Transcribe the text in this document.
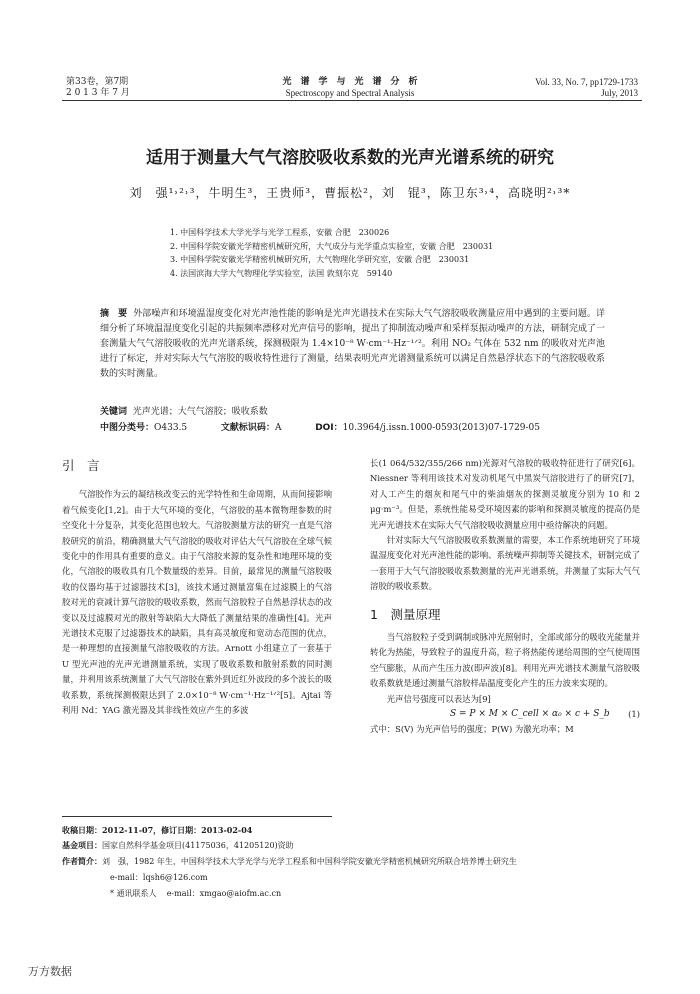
第33卷，第7期
2 0 1 3 年 7 月
光　谱　学　与　光　谱　分　析
Spectroscopy and Spectral Analysis
Vol. 33, No. 7, pp1729-1733
July, 2013
适用于测量大气气溶胶吸收系数的光声光谱系统的研究
刘　强¹˒²˒³，牛明生³，王贵师³，曹振松²，刘　锟³，陈卫东³˒⁴，高晓明²˒³*
1. 中国科学技术大学光学与光学工程系，安徽 合肥　230026
2. 中国科学院安徽光学精密机械研究所，大气成分与光学重点实验室，安徽 合肥　230031
3. 中国科学院安徽光学精密机械研究所，大气物理化学研究室，安徽 合肥　230031
4. 法国滨海大学大气物理化学实验室，法国 敦刻尔克　59140
摘　要 外部噪声和环境温湿度变化对光声池性能的影响是光声光谱技术在实际大气气溶胶吸收测量应用中遇到的主要问题。详细分析了环境温湿度变化引起的共振频率漂移对光声信号的影响，提出了抑制流动噪声和采样泵振动噪声的方法，研制完成了一套测量大气气溶胶吸收的光声光谱系统，探测极限为 1.4×10⁻⁸ W·cm⁻¹·Hz⁻¹ᐟ²。利用 NO₂ 气体在 532 nm 的吸收对光声池进行了标定，并对实际大气气溶胶的吸收特性进行了测量，结果表明光声光谱测量系统可以满足自然悬浮状态下的气溶胶吸收系数的实时测量。
关键词 光声光谱；大气气溶胶；吸收系数
中图分类号：O433.5	文献标识码：A	DOI：10.3964/j.issn.1000-0593(2013)07-1729-05
引　言

气溶胶作为云的凝结核改变云的光学特性和生命周期，从而间接影响着气候变化[1,2]。由于大气环境的变化，气溶胶的基本微物理参数的时空变化十分复杂，其变化范围也较大。气溶胶测量方法的研究一直是气溶胶研究的前沿，精确测量大气气溶胶的吸收对评估大气气溶胶在全球气候变化中的作用具有重要的意义。由于气溶胶来源的复杂性和地理环境的变化，气溶胶的吸收具有几个数量级的差异。目前，最常见的测量气溶胶吸收的仪器均基于过滤器技术[3]，该技术通过测量富集在过滤膜上的气溶胶对光的衰减计算气溶胶的吸收系数，然而气溶胶粒子自然悬浮状态的改变以及过滤膜对光的散射等缺陷大大降低了测量结果的准确性[4]。光声光谱技术克服了过滤器技术的缺陷，具有高灵敏度和宽动态范围的优点，是一种理想的直接测量气溶胶吸收的方法。Arnott 小组建立了一套基于 U 型光声池的光声光谱测量系统，实现了吸收系数和散射系数的同时测量，并利用该系统测量了大气气溶胶在紫外到近红外波段的多个波长的吸收系数，系统探测极限达到了 2.0×10⁻⁸ W·cm⁻¹·Hz⁻¹ᐟ²[5]。Ajtai 等利用 Nd：YAG 激光器及其非线性效应产生的多波

长(1 064/532/355/266 nm)光源对气溶胶的吸收特征进行了研究[6]。Niessner 等利用该技术对发动机尾气中黑炭气溶胶进行了的研究[7]，对人工产生的烟灰和尾气中的柴油烟灰的探测灵敏度分别为 10 和 2 μg·m⁻³。但是，系统性能易受环境因素的影响和探测灵敏度的提高仍是光声光谱技术在实际大气气溶胶吸收测量应用中亟待解决的问题。

针对实际大气气溶胶吸收系数测量的需要，本工作系统地研究了环境温湿度变化对光声池性能的影响、系统噪声抑制等关键技术，研制完成了一套用于大气气溶胶吸收系数测量的光声光谱系统，并测量了实际大气气溶胶的吸收系数。

1　测量原理

当气溶胶粒子受到调制或脉冲光照射时，全部或部分的吸收光能量并转化为热能，导致粒子的温度升高，粒子将热能传递给周围的空气使周围空气膨胀，从而产生压力波(即声波)[8]。利用光声光谱技术测量气溶胶吸收系数就是通过测量气溶胶样品温度变化产生的压力波来实现的。

光声信号强度可以表达为[9]

S = P × M × C_cell × α₀ × c + S_b (1)

式中：S(V) 为光声信号的强度；P(W) 为激光功率；M

收稿日期：2012-11-07，修订日期：2013-02-04
基金项目：国家自然科学基金项目(41175036，41205120)资助
作者简介：刘　强，1982 年生，中国科学技术大学光学与光学工程系和中国科学院安徽光学精密机械研究所联合培养博士研究生
e-mail：lqsh6@126.com
* 通讯联系人 e-mail：xmgao@aiofm.ac.cn
万方数据
